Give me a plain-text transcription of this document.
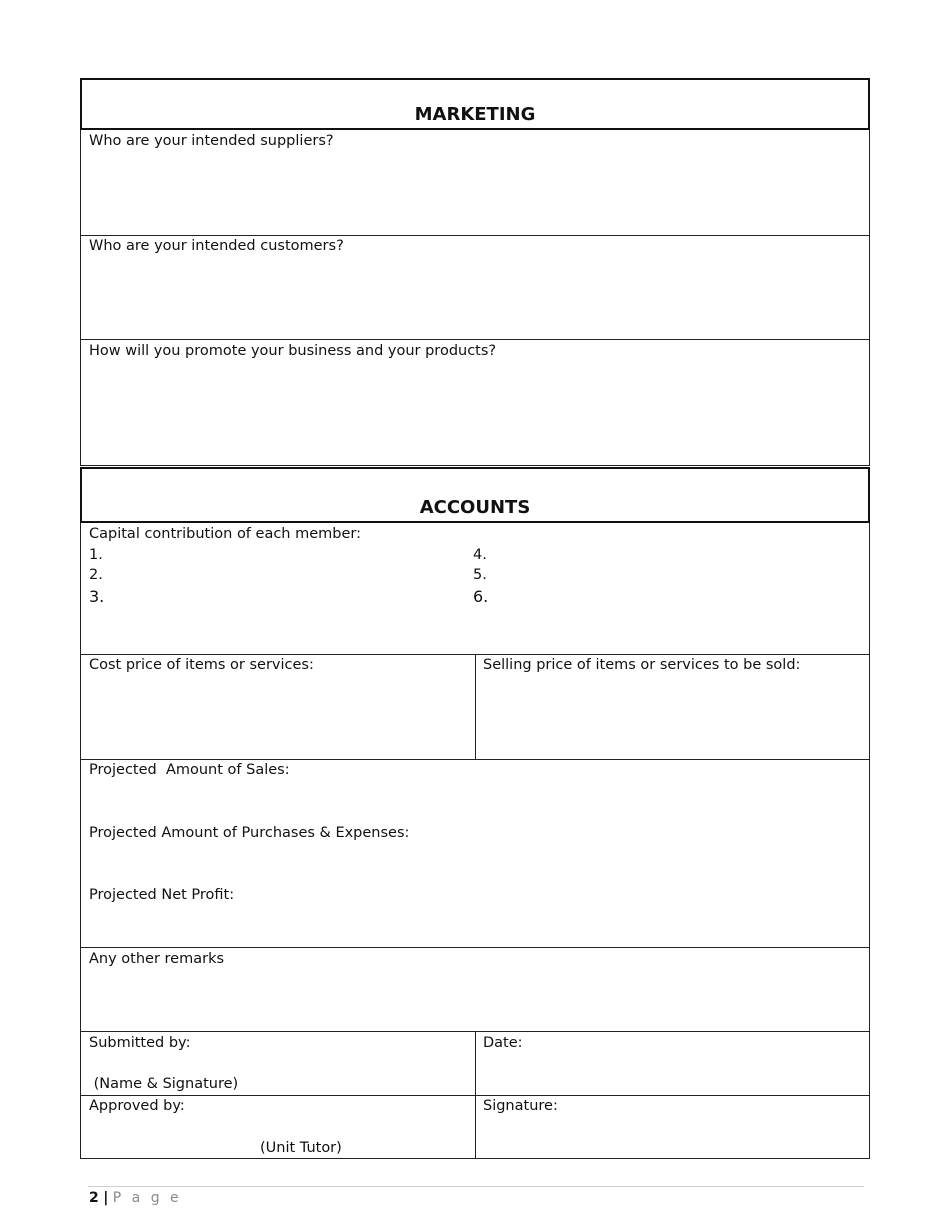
MARKETING
Who are your intended suppliers?
Who are your intended customers?
How will you promote your business and your products?
ACCOUNTS
Capital contribution of each member:
1.
2.
3.
4.
5.
6.
Cost price of items or services:	Selling price of items or services to be sold:
Projected  Amount of Sales:
Projected Amount of Purchases & Expenses:
Projected Net Profit:
Any other remarks
Submitted by:
(Name & Signature)
Date:
Approved by:
(Unit Tutor)
Signature:
2 | P a g e
